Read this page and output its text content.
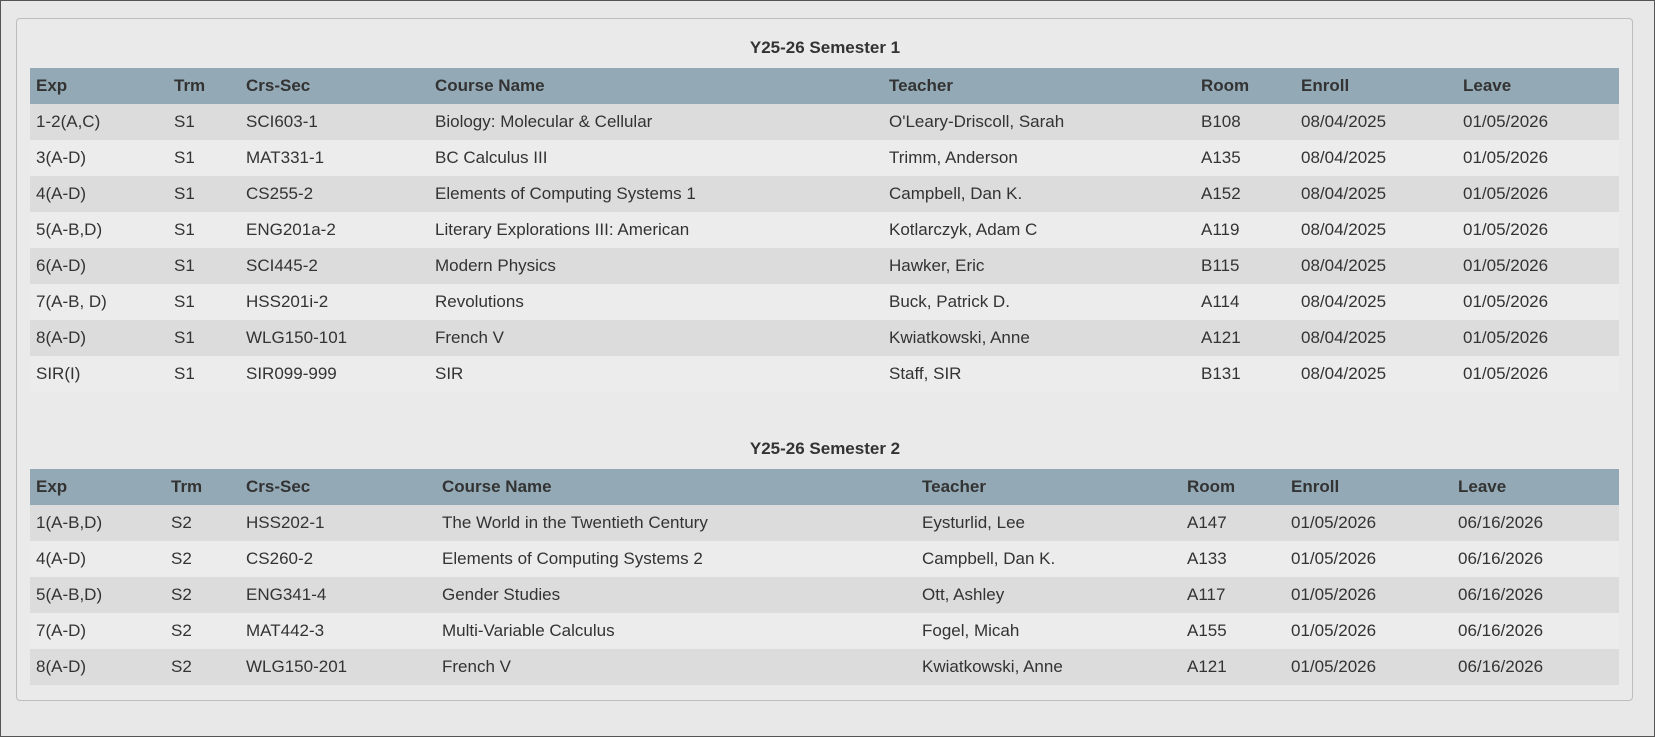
Y25-26 Semester 1
Exp	Trm	Crs-Sec	Course Name	Teacher	Room	Enroll	Leave
1-2(A,C)	S1	SCI603-1	Biology: Molecular & Cellular	O'Leary-Driscoll, Sarah	B108	08/04/2025	01/05/2026
3(A-D)	S1	MAT331-1	BC Calculus III	Trimm, Anderson	A135	08/04/2025	01/05/2026
4(A-D)	S1	CS255-2	Elements of Computing Systems 1	Campbell, Dan K.	A152	08/04/2025	01/05/2026
5(A-B,D)	S1	ENG201a-2	Literary Explorations III: American	Kotlarczyk, Adam C	A119	08/04/2025	01/05/2026
6(A-D)	S1	SCI445-2	Modern Physics	Hawker, Eric	B115	08/04/2025	01/05/2026
7(A-B, D)	S1	HSS201i-2	Revolutions	Buck, Patrick D.	A114	08/04/2025	01/05/2026
8(A-D)	S1	WLG150-101	French V	Kwiatkowski, Anne	A121	08/04/2025	01/05/2026
SIR(I)	S1	SIR099-999	SIR	Staff, SIR	B131	08/04/2025	01/05/2026
Y25-26 Semester 2
Exp	Trm	Crs-Sec	Course Name	Teacher	Room	Enroll	Leave
1(A-B,D)	S2	HSS202-1	The World in the Twentieth Century	Eysturlid, Lee	A147	01/05/2026	06/16/2026
4(A-D)	S2	CS260-2	Elements of Computing Systems 2	Campbell, Dan K.	A133	01/05/2026	06/16/2026
5(A-B,D)	S2	ENG341-4	Gender Studies	Ott, Ashley	A117	01/05/2026	06/16/2026
7(A-D)	S2	MAT442-3	Multi-Variable Calculus	Fogel, Micah	A155	01/05/2026	06/16/2026
8(A-D)	S2	WLG150-201	French V	Kwiatkowski, Anne	A121	01/05/2026	06/16/2026
